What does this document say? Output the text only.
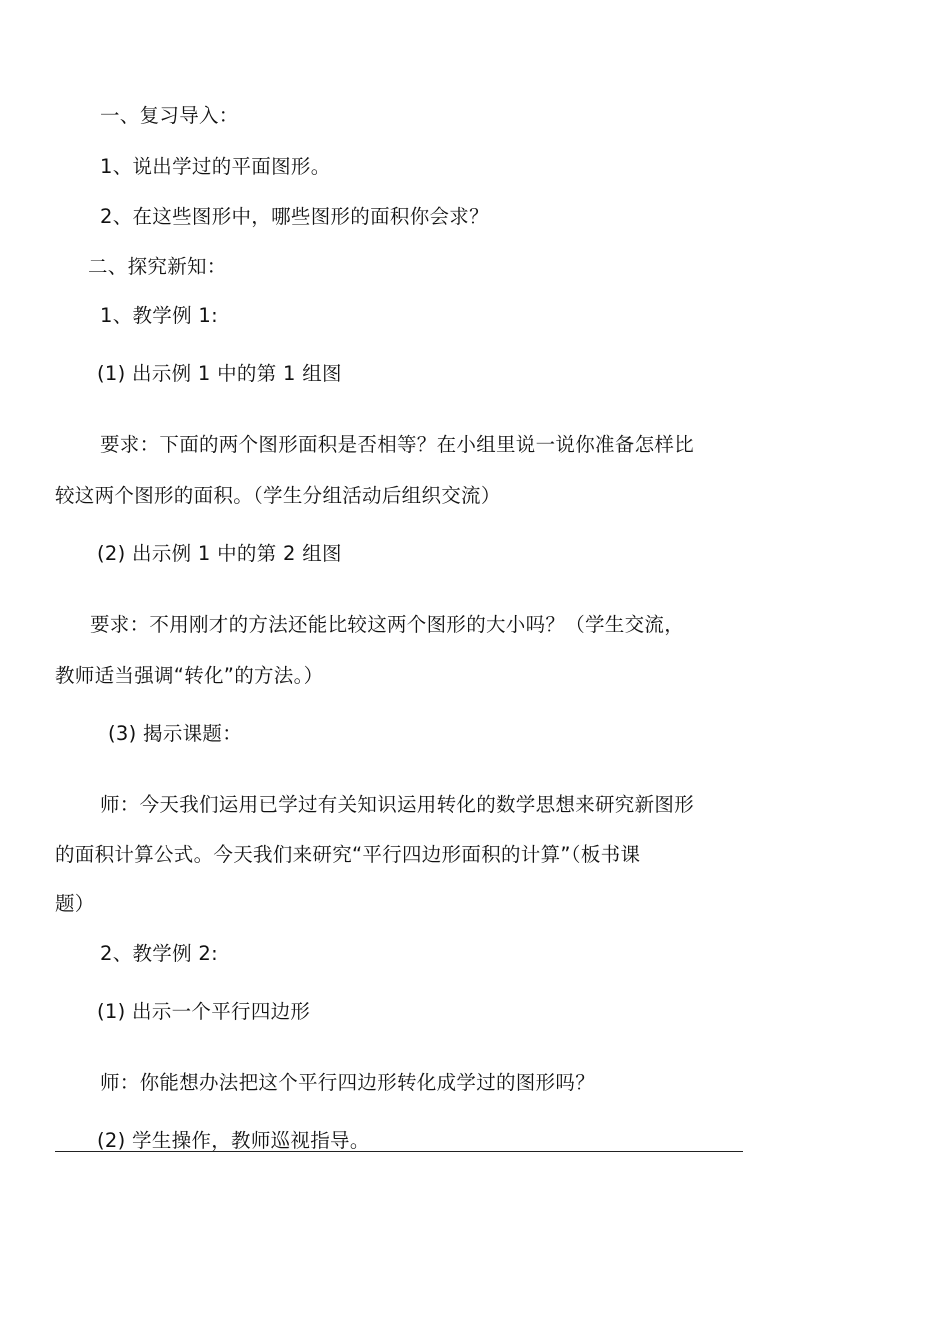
一、复习导入：
1、说出学过的平面图形。
2、在这些图形中，哪些图形的面积你会求？
二、探究新知：
1、教学例 1:
(1) 出示例 1 中的第 1 组图
要求：下面的两个图形面积是否相等？在小组里说一说你准备怎样比
较这两个图形的面积。（学生分组活动后组织交流）
(2) 出示例 1 中的第 2 组图
要求：不用刚才的方法还能比较这两个图形的大小吗？（学生交流，
教师适当强调“转化”的方法。）
(3) 揭示课题：
师：今天我们运用已学过有关知识运用转化的数学思想来研究新图形
的面积计算公式。今天我们来研究“平行四边形面积的计算”（板书课
题）
2、教学例 2:
(1) 出示一个平行四边形
师：你能想办法把这个平行四边形转化成学过的图形吗？
(2) 学生操作，教师巡视指导。
